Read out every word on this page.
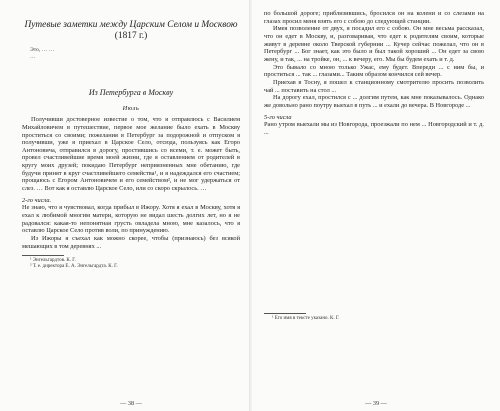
Путевые заметки между Царским Селом и Москвою
(1817 г.)

Это, … …

…

Из Петербурга в Москву
Июль

Получивши достоверное известие о том, что я отправлюсь с Василием Михайловичем в путешествие, первое мое желание было ехать в Москву проститься со своими; пожелания в Петербург за подорожной и отпуском я получивши, уже я приехал в Царское Село, отсюда, пользуясь как Егоро Антоновича, отправился в дорогу, простившись со всеми, т. е. может быть, провел счастливейшие время моей жизни, где я оставлением от родителей в кругу моих друзей; покидаю Петербург неприязненных мне обетанию, где будучи принят в круг счастливейшего семейства¹, и я надеждался его счастием; прощаюсь с Егором Антоновичем и его семейством², и не мог удержаться от слез. … Вот как я оставлю Царское Село, или со скоро скрылось. …

2-го числа.

Не знаю, что я чувствовал, когда прибыл в Ижору. Хотя я ехал в Москву, хотя я ехал к любимой многим матери, которую не видал шесть долгих лет, но я не радовался: какая-то непонятная грусть овладела мною, мне казалось, что я оставлю Царское Село против воли, по принуждению.

Из Ижоры я съехал как можно скорее, чтобы (признаюсь) без всякой мешающих в том деревнях ...

¹ Энгельгардтов. К. Г.

² Т. е. директора Е. А. Энгельгардта. К. Г.

— 38 —

по большой дороге; приблизившись, бросился он на колени и со слезами на глазах просил меня взять его с собою до следующей станции.

Имея позволение от двух, я посадил его с собою. Он мне весьма рассказал, что он едет в Москву, и, разговаривая, что едет к родителям своим, которые живут в деревне около Тверской губернии ... Кучер сейчас пожелал, что он в Петербург ... Бог знает, как это было и был такой хороший ... Он едет за свою жену, и так, ... на тройке, он, ... к вечеру, его. Мы бы будем ехать и т. д.

Это бывало со мною только Ужас, ему будет. Впереди ... с ним бы, и проститься ... так ... глазами... Таким образом кончился сей вечер.

Приехав в Тосну, я пошел к станционному смотрителю просить позволить чай ... поставить на стол ...

На дорогу ехал, простился с ... долгим путем, как мне показывалось. Однако же довольно рано поутру выехал в путь ... и ехали до вечера. В Новгороде ...

5-го числа

Рано утром выехали мы из Новгорода, проезжали по нем ... Новгородский и т. д. ...

¹ Его имя в тексте указано. К. Г.

— 39 —
